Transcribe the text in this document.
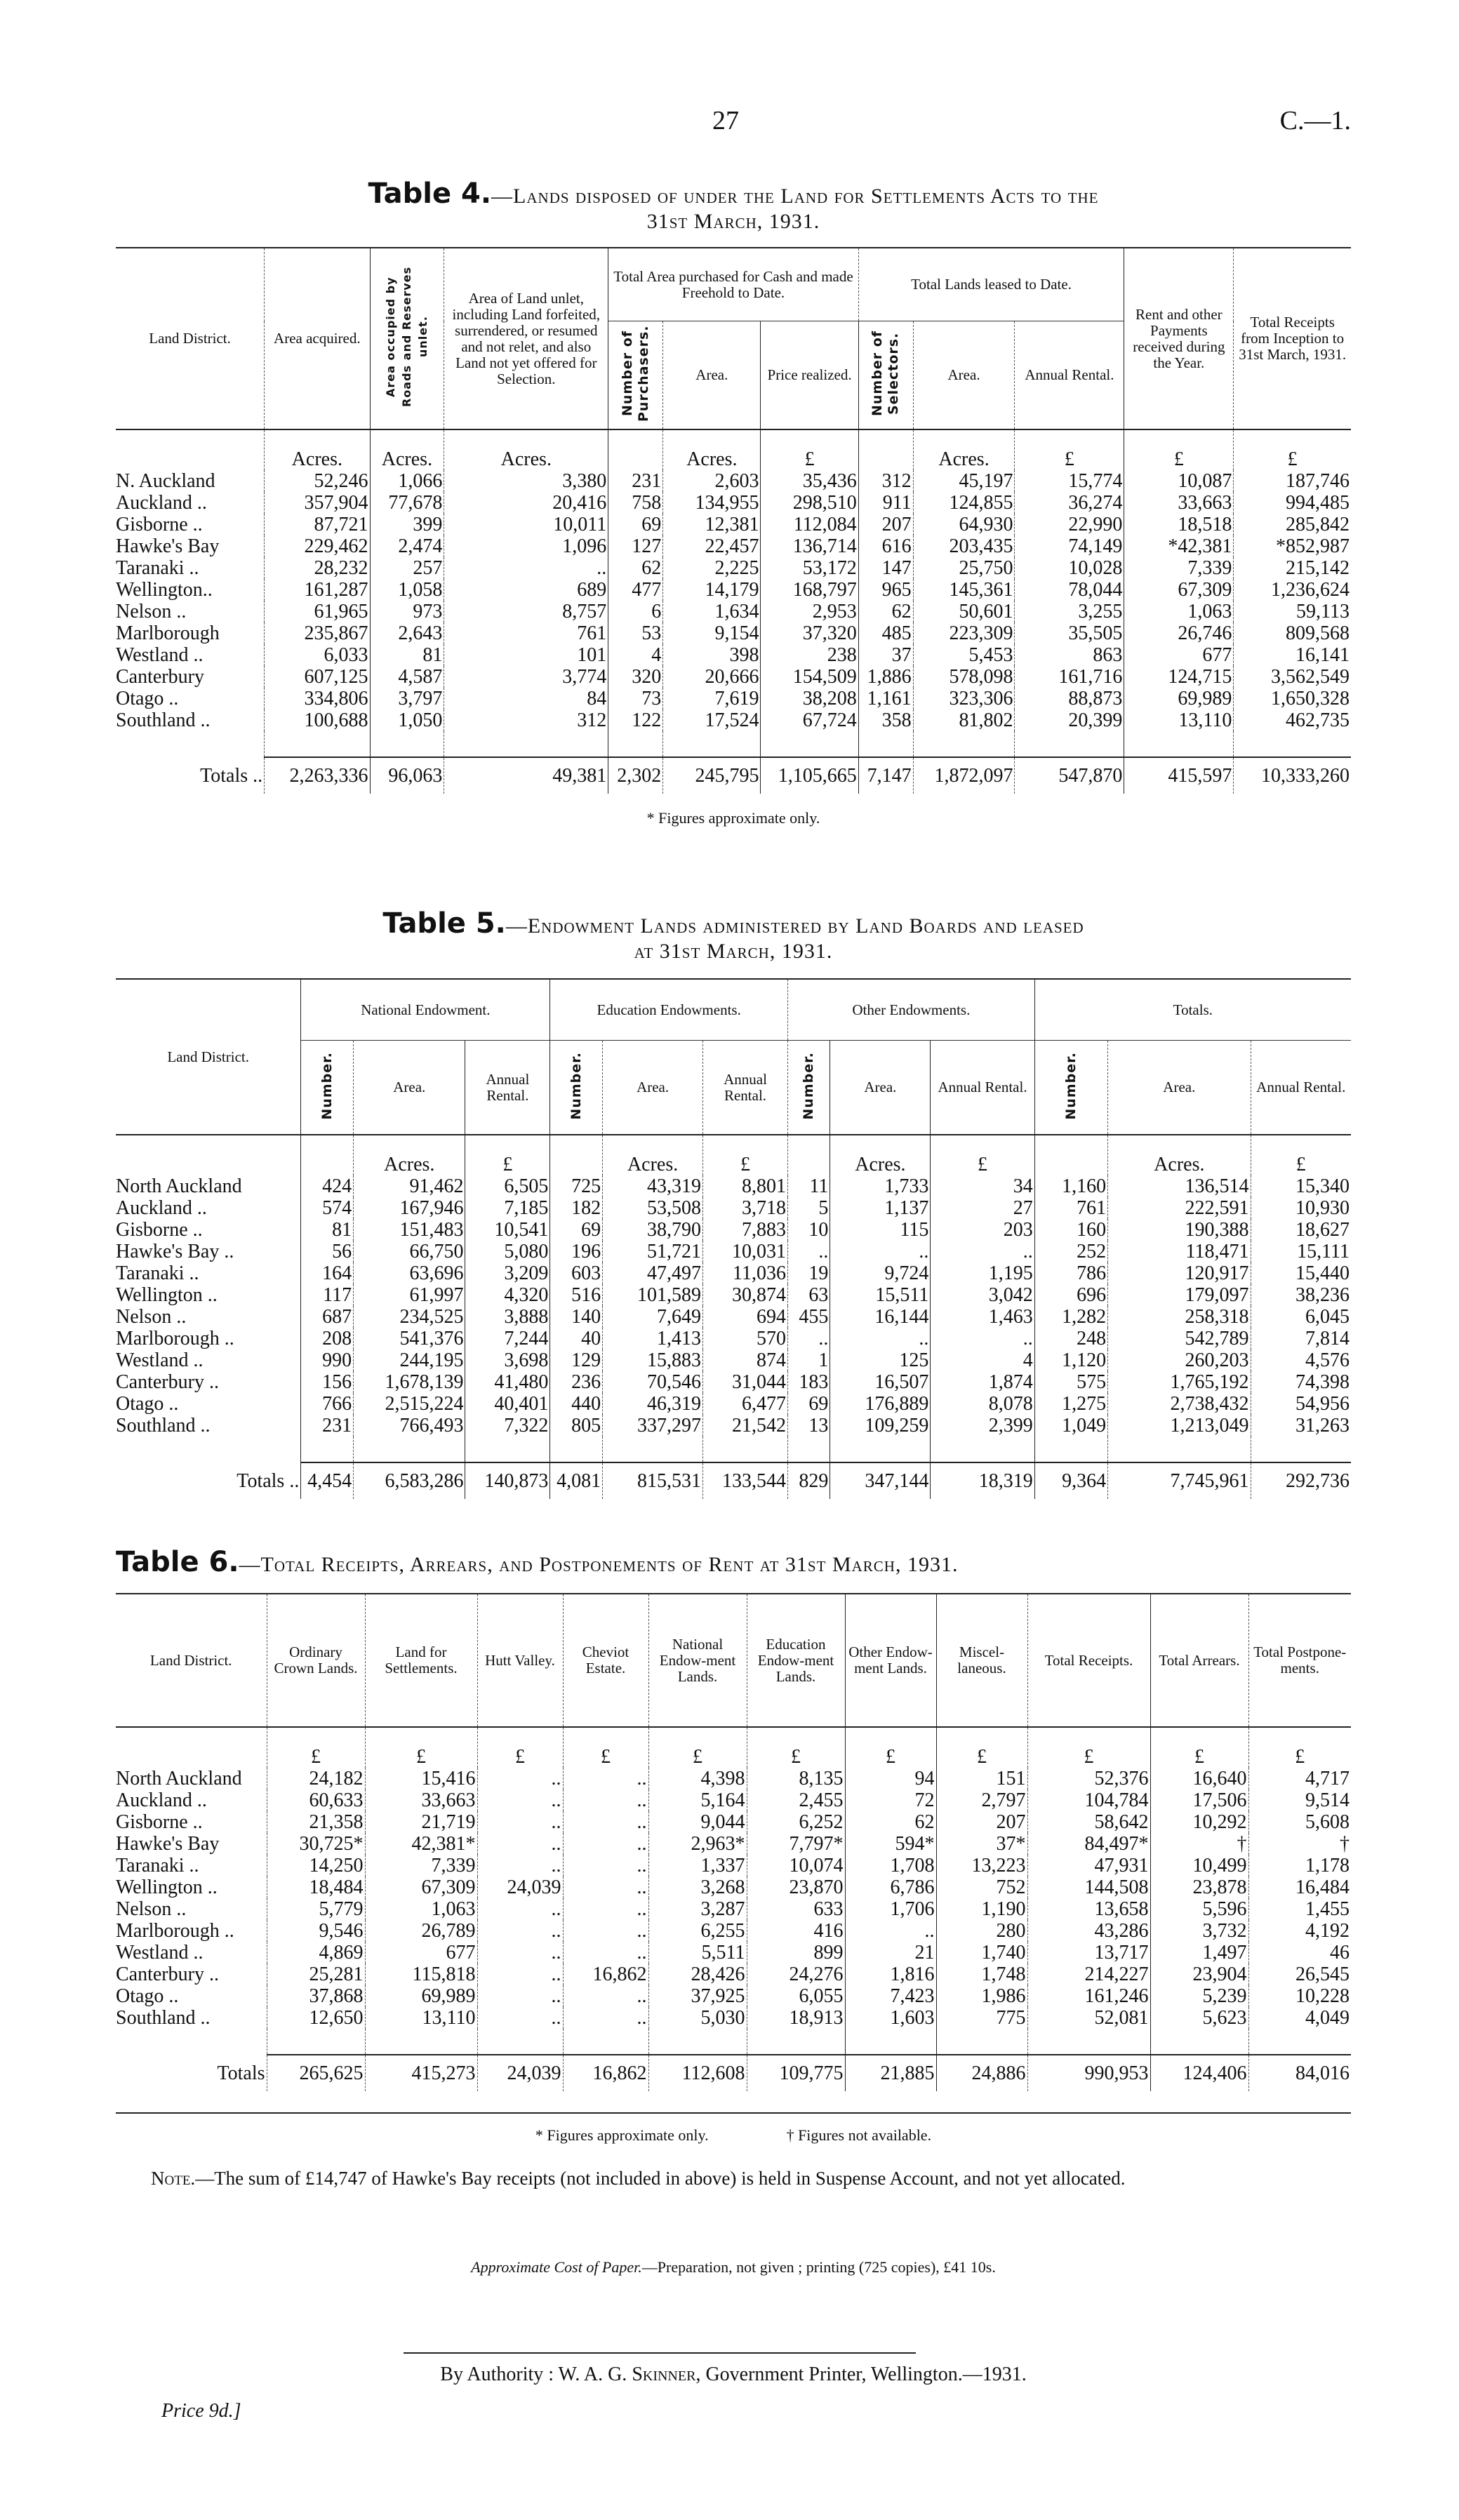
27	C.—1.
Table 4.—Lands disposed of under the Land for Settlements Acts to the
31st March, 1931.
Land District.	Area acquired.	Area occupied by Roads and Reserves unlet.	Area of Land unlet, including Land forfeited, surrendered, or resumed and not relet, and also Land not yet offered for Selection.	Total Area purchased for Cash and made Freehold to Date.			Total Lands leased to Date.			Rent and other Payments received during the Year.	Total Receipts from Inception to 31st March, 1931.
				Number of Purchasers.	Area.	Price realized.	Number of Selectors.	Area.	Annual Rental.		
	Acres.	Acres.	Acres.		Acres.	£		Acres.	£	£	£
N. Auckland	52,246	1,066	3,380	231	2,603	35,436	312	45,197	15,774	10,087	187,746
Auckland ..	357,904	77,678	20,416	758	134,955	298,510	911	124,855	36,274	33,663	994,485
Gisborne ..	87,721	399	10,011	69	12,381	112,084	207	64,930	22,990	18,518	285,842
Hawke's Bay	229,462	2,474	1,096	127	22,457	136,714	616	203,435	74,149	*42,381	*852,987
Taranaki ..	28,232	257	..	62	2,225	53,172	147	25,750	10,028	7,339	215,142
Wellington..	161,287	1,058	689	477	14,179	168,797	965	145,361	78,044	67,309	1,236,624
Nelson ..	61,965	973	8,757	6	1,634	2,953	62	50,601	3,255	1,063	59,113
Marlborough	235,867	2,643	761	53	9,154	37,320	485	223,309	35,505	26,746	809,568
Westland ..	6,033	81	101	4	398	238	37	5,453	863	677	16,141
Canterbury	607,125	4,587	3,774	320	20,666	154,509	1,886	578,098	161,716	124,715	3,562,549
Otago ..	334,806	3,797	84	73	7,619	38,208	1,161	323,306	88,873	69,989	1,650,328
Southland ..	100,688	1,050	312	122	17,524	67,724	358	81,802	20,399	13,110	462,735

Totals ..	2,263,336	96,063	49,381	2,302	245,795	1,105,665	7,147	1,872,097	547,870	415,597	10,333,260
* Figures approximate only.
Table 5.—Endowment Lands administered by Land Boards and leased
at 31st March, 1931.
Land District.	National Endowment.			Education Endowments.			Other Endowments.			Totals.		
	Number.	Area.	Annual Rental.	Number.	Area.	Annual Rental.	Number.	Area.	Annual Rental.	Number.	Area.	Annual Rental.
		Acres.	£		Acres.	£		Acres.	£		Acres.	£
North Auckland	424	91,462	6,505	725	43,319	8,801	11	1,733	34	1,160	136,514	15,340
Auckland ..	574	167,946	7,185	182	53,508	3,718	5	1,137	27	761	222,591	10,930
Gisborne ..	81	151,483	10,541	69	38,790	7,883	10	115	203	160	190,388	18,627
Hawke's Bay ..	56	66,750	5,080	196	51,721	10,031	..	..	..	252	118,471	15,111
Taranaki ..	164	63,696	3,209	603	47,497	11,036	19	9,724	1,195	786	120,917	15,440
Wellington ..	117	61,997	4,320	516	101,589	30,874	63	15,511	3,042	696	179,097	38,236
Nelson ..	687	234,525	3,888	140	7,649	694	455	16,144	1,463	1,282	258,318	6,045
Marlborough ..	208	541,376	7,244	40	1,413	570	..	..	..	248	542,789	7,814
Westland ..	990	244,195	3,698	129	15,883	874	1	125	4	1,120	260,203	4,576
Canterbury ..	156	1,678,139	41,480	236	70,546	31,044	183	16,507	1,874	575	1,765,192	74,398
Otago ..	766	2,515,224	40,401	440	46,319	6,477	69	176,889	8,078	1,275	2,738,432	54,956
Southland ..	231	766,493	7,322	805	337,297	21,542	13	109,259	2,399	1,049	1,213,049	31,263

Totals ..	4,454	6,583,286	140,873	4,081	815,531	133,544	829	347,144	18,319	9,364	7,745,961	292,736
Table 6.—Total Receipts, Arrears, and Postponements of Rent at 31st March, 1931.
Land District.	Ordinary Crown Lands.	Land for Settlements.	Hutt Valley.	Cheviot Estate.	National Endow-ment Lands.	Education Endow-ment Lands.	Other Endow-ment Lands.	Miscel-laneous.	Total Receipts.	Total Arrears.	Total Postpone-ments.
	£	£	£	£	£	£	£	£	£	£	£
North Auckland	24,182	15,416	..	..	4,398	8,135	94	151	52,376	16,640	4,717
Auckland ..	60,633	33,663	..	..	5,164	2,455	72	2,797	104,784	17,506	9,514
Gisborne ..	21,358	21,719	..	..	9,044	6,252	62	207	58,642	10,292	5,608
Hawke's Bay	30,725*	42,381*	..	..	2,963*	7,797*	594*	37*	84,497*	†	†
Taranaki ..	14,250	7,339	..	..	1,337	10,074	1,708	13,223	47,931	10,499	1,178
Wellington ..	18,484	67,309	24,039	..	3,268	23,870	6,786	752	144,508	23,878	16,484
Nelson ..	5,779	1,063	..	..	3,287	633	1,706	1,190	13,658	5,596	1,455
Marlborough ..	9,546	26,789	..	..	6,255	416	..	280	43,286	3,732	4,192
Westland ..	4,869	677	..	..	5,511	899	21	1,740	13,717	1,497	46
Canterbury ..	25,281	115,818	..	16,862	28,426	24,276	1,816	1,748	214,227	23,904	26,545
Otago ..	37,868	69,989	..	..	37,925	6,055	7,423	1,986	161,246	5,239	10,228
Southland ..	12,650	13,110	..	..	5,030	18,913	1,603	775	52,081	5,623	4,049

Totals	265,625	415,273	24,039	16,862	112,608	109,775	21,885	24,886	990,953	124,406	84,016
* Figures approximate only.	† Figures not available.
Note.—The sum of £14,747 of Hawke's Bay receipts (not included in above) is held in Suspense Account, and not yet allocated.
Approximate Cost of Paper.—Preparation, not given ; printing (725 copies), £41 10s.
By Authority : W. A. G. Skinner, Government Printer, Wellington.—1931.
Price 9d.]
